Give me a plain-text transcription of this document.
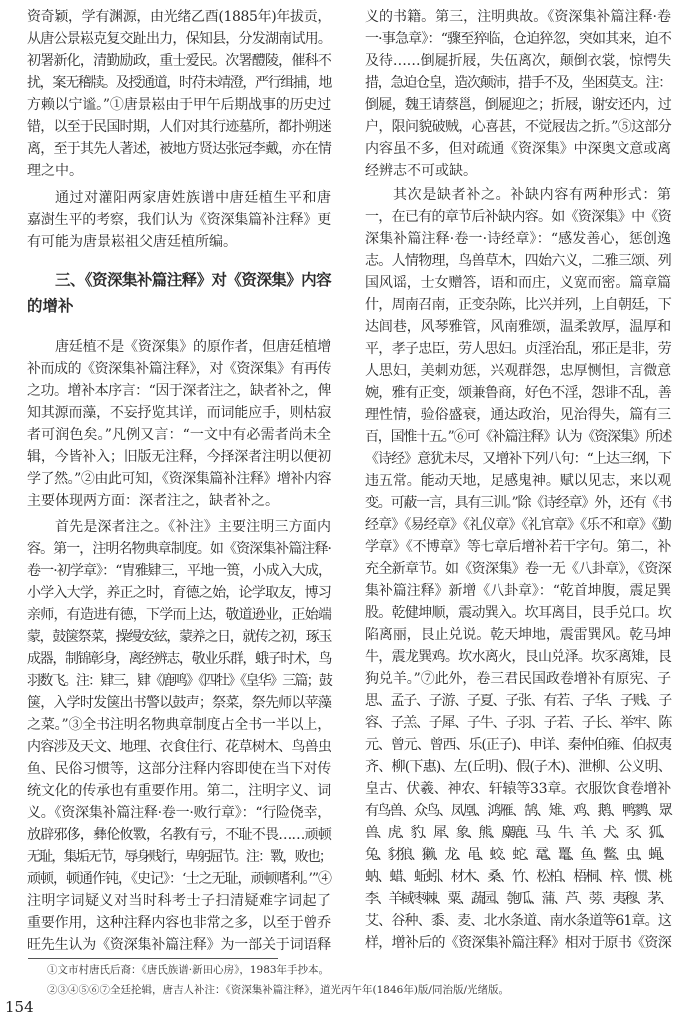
资奇颖，学有渊源，由光绪乙酉(1885年)年拔贡，
从唐公景崧克复交趾出力，保知县，分发湖南试用。
初署新化，清勤励政，重士爱民。次署醴陵，催科不
扰，案无稽牍。及授通道，时苻未靖澄，严行缉捕，地
方赖以宁谧。”①唐景崧由于甲午后期战事的历史过
错，以至于民国时期，人们对其行迹墓所，都扑朔迷
离，至于其先人著述，被地方贤达张冠李戴，亦在情
理之中。
通过对灌阳两家唐姓族谱中唐廷植生平和唐
嘉澍生平的考察，我们认为《资深集篇补注释》更
有可能为唐景崧祖父唐廷植所编。
三、《资深集补篇注释》对《资深集》内容
的增补
唐廷植不是《资深集》的原作者，但唐廷植增
补而成的《资深集补篇注释》，对《资深集》有再传
之功。增补本序言：“因于深者注之，缺者补之，俾
知其源而藻，不妄抒览其详，而词能应手，则枯寂
者可润色矣。”凡例又言：“一文中有必需者尚未全
辑，今皆补入；旧版无注释，今择深者注明以便初
学了然。”②由此可知，《资深集篇补注释》增补内容
主要体现两方面：深者注之，缺者补之。
首先是深者注之。《补注》主要注明三方面内
容。第一，注明名物典章制度。如《资深集补篇注释·
卷一·初学章》：“胄雅肄三，平地一篑，小成入大成，
小学入大学，养正之时，育德之始，论学取友，博习
亲师，有造进有德，下学而上达，敬道逊业，正始端
蒙，鼓箧祭菜，操缦安絃，蒙养之日，就传之初，琢玉
成器，制锦彰身，离经辨志，敬业乐群，蛾子时术，鸟
羽数飞。注：肄三，肄《鹿鸣》《四牡》《皇华》三篇；鼓
箧，入学时发箧出书警以鼓声；祭菜，祭先师以苹藻
之菜。”③全书注明名物典章制度占全书一半以上，
内容涉及天文、地理、衣食住行、花草树木、鸟兽虫
鱼、民俗习惯等，这部分注释内容即使在当下对传
统文化的传承也有重要作用。第二，注明字义、词
义。《资深集补篇注释·卷一·败行章》：“行险侥幸，
放辟邪侈，彝伦攸斁，名教有亏，不耻不畏……顽顿
无耻，集垢无节，辱身贱行，卑躬屈节。注：斁，败也；
顽顿，顿通作钝，《史记》：‘士之无耻，顽顿嗜利。’”④
注明字词疑义对当时科考士子扫清疑难字词起了
重要作用，这种注释内容也非常之多，以至于曾乔
旺先生认为《资深集补篇注释》为一部关于词语释
义的书籍。第三，注明典故。《资深集补篇注释·卷
一·事急章》：“骤至猝临，仓迫猝忽，突如其来，迫不
及待……倒屣折屐，失伍离次，颠倒衣裳，惊愕失
措，急迫仓皇，造次颠沛，措手不及，坐困莫支。注：
倒屣，魏王请蔡邕，倒屣迎之；折屐，谢安还内，过
户，限问貌破贼，心喜甚，不觉屐齿之折。”⑤这部分
内容虽不多，但对疏通《资深集》中深奥文意或离
经辨志不可或缺。
其次是缺者补之。补缺内容有两种形式：第
一，在已有的章节后补缺内容。如《资深集》中《资
深集补篇注释·卷一·诗经章》：“感发善心，惩创逸
志。人情物理，鸟兽草木，四始六义，二雅三颂、列
国风谣，士女赠答，语和而庄，义宽而密。篇章篇
什，周南召南，正变杂陈，比兴并列，上自朝廷，下
达闾巷，风琴雅管，风南雅颂，温柔敦厚，温厚和
平，孝子忠臣，劳人思妇。贞淫治乱，邪正是非，劳
人思妇，美刺劝惩，兴观群怨，忠厚恻怛，言微意
婉，雅有正变，颂兼鲁商，好色不淫，怨诽不乱，善
理性情，验俗盛衰，通达政治，见治得失，篇有三
百，国惟十五。”⑥可《补篇注释》认为《资深集》所述
《诗经》意犹未尽，又增补下列八句：“上达三纲，下
违五常。能动天地，足感鬼神。赋以见志，来以观
变。可蔽一言，具有三训。”除《诗经章》外，还有《书
经章》《易经章》《礼仪章》《礼官章》《乐不和章》《勤
学章》《不博章》等七章后增补若干字句。第二，补
充全新章节。如《资深集》卷一无《八卦章》，《资深
集补篇注释》新增《八卦章》：“乾首坤腹，震足巽
股。乾健坤顺，震动巽入。坎耳离目，艮手兑口。坎
陷离丽，艮止兑说。乾天坤地，震雷巽风。乾马坤
牛，震龙巽鸡。坎水离火，艮山兑泽。坎豕离雉，艮
狗兑羊。”⑦此外，卷三君民国政卷增补有原宪、子
思、孟子、子游、子夏、子张、有若、子华、子贱、子
容、子羔、子犀、子牛、子羽、子若、子长、举牢、陈
元、曾元、曾西、乐(正子)、申详、秦仲伯雍、伯叔夷
齐、柳(下惠)、左(丘明)、假(子木)、泄柳、公义明、
皇古、伏羲、神农、轩辕等33章。衣服饮食卷增补
有鸟兽、众鸟、凤凰、鸿雁、鹄、雉、鸡、鹅、鸭鹨、眾
兽、虎、豹、犀、象、熊、麋鹿、马、牛、羊、犬、豕、狐、
兔、豺狼、獭、龙、黾、蛟、蛇、鼋、鼍、鱼、鳖、虫、蝇、
蚋、蜡、蚯蚓、材木、桑、竹、松柏、梧桐、梓、惯、桃
李、羊棫枣棘、粟、蔬园、匏瓜、蒲、芦、蒡、夷穆、茅、
艾、谷种、黍、麦、北水条道、南水条道等61章。这
样，增补后的《资深集补篇注释》相对于原书《资深
①文市村唐氏后裔：《唐氏族谱·新田心房》，1983年手抄本。
②③④⑤⑥⑦全廷抡辑，唐吉人补注：《资深集补篇注释》，道光丙午年(1846年)版/同治版/光绪版。
154
